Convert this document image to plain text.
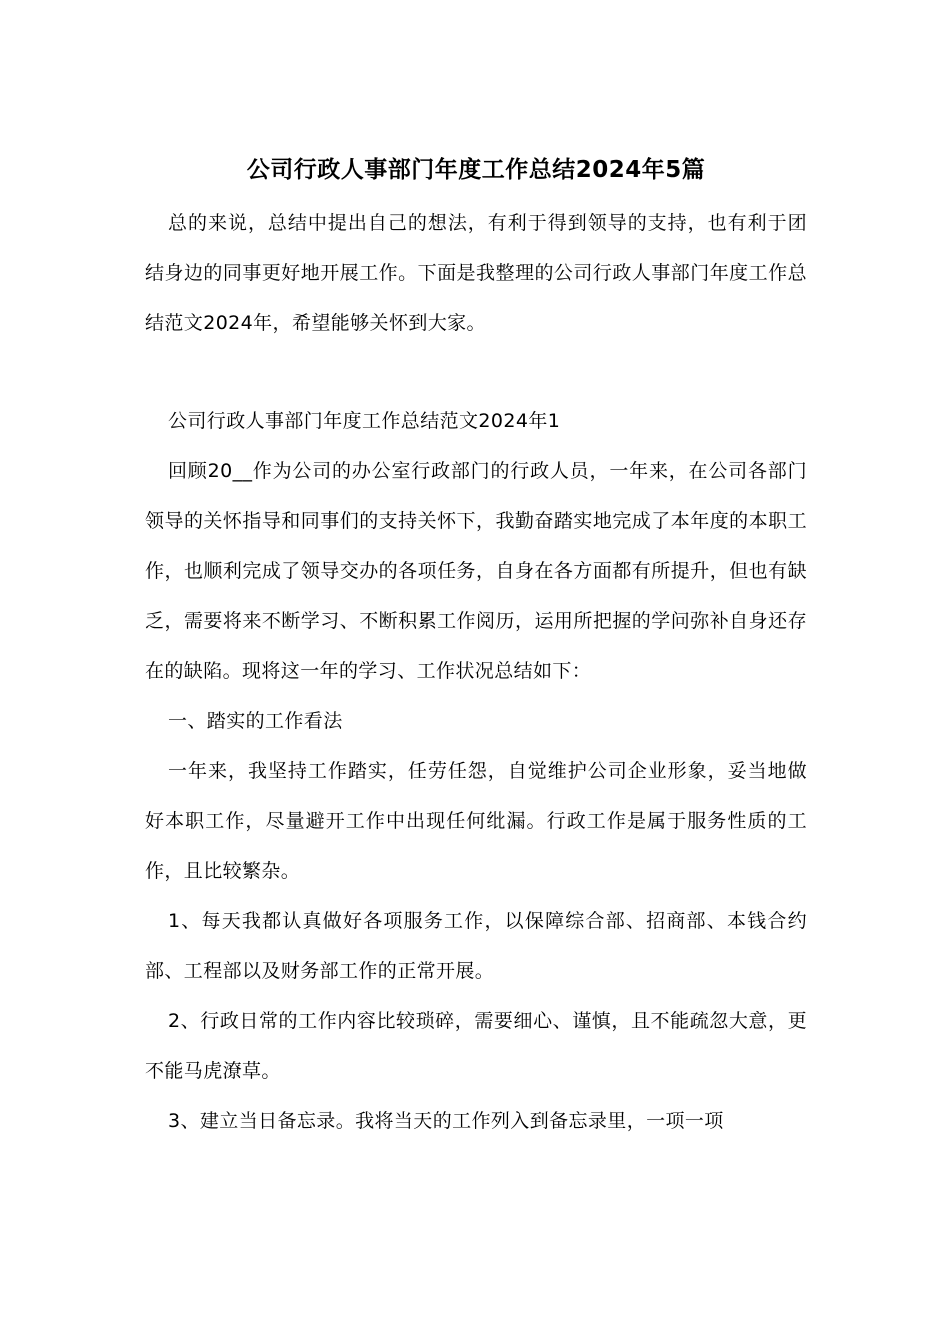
公司行政人事部门年度工作总结2024年5篇

总的来说，总结中提出自己的想法，有利于得到领导的支持，也有利于团结身边的同事更好地开展工作。下面是我整理的公司行政人事部门年度工作总结范文2024年，希望能够关怀到大家。

公司行政人事部门年度工作总结范文2024年1

回顾20__作为公司的办公室行政部门的行政人员，一年来，在公司各部门领导的关怀指导和同事们的支持关怀下，我勤奋踏实地完成了本年度的本职工作，也顺利完成了领导交办的各项任务，自身在各方面都有所提升，但也有缺乏，需要将来不断学习、不断积累工作阅历，运用所把握的学问弥补自身还存在的缺陷。现将这一年的学习、工作状况总结如下：

一、踏实的工作看法

一年来，我坚持工作踏实，任劳任怨，自觉维护公司企业形象，妥当地做好本职工作，尽量避开工作中出现任何纰漏。行政工作是属于服务性质的工作，且比较繁杂。

1、每天我都认真做好各项服务工作，以保障综合部、招商部、本钱合约部、工程部以及财务部工作的正常开展。

2、行政日常的工作内容比较琐碎，需要细心、谨慎，且不能疏忽大意，更不能马虎潦草。

3、建立当日备忘录。我将当天的工作列入到备忘录里，一项一项
